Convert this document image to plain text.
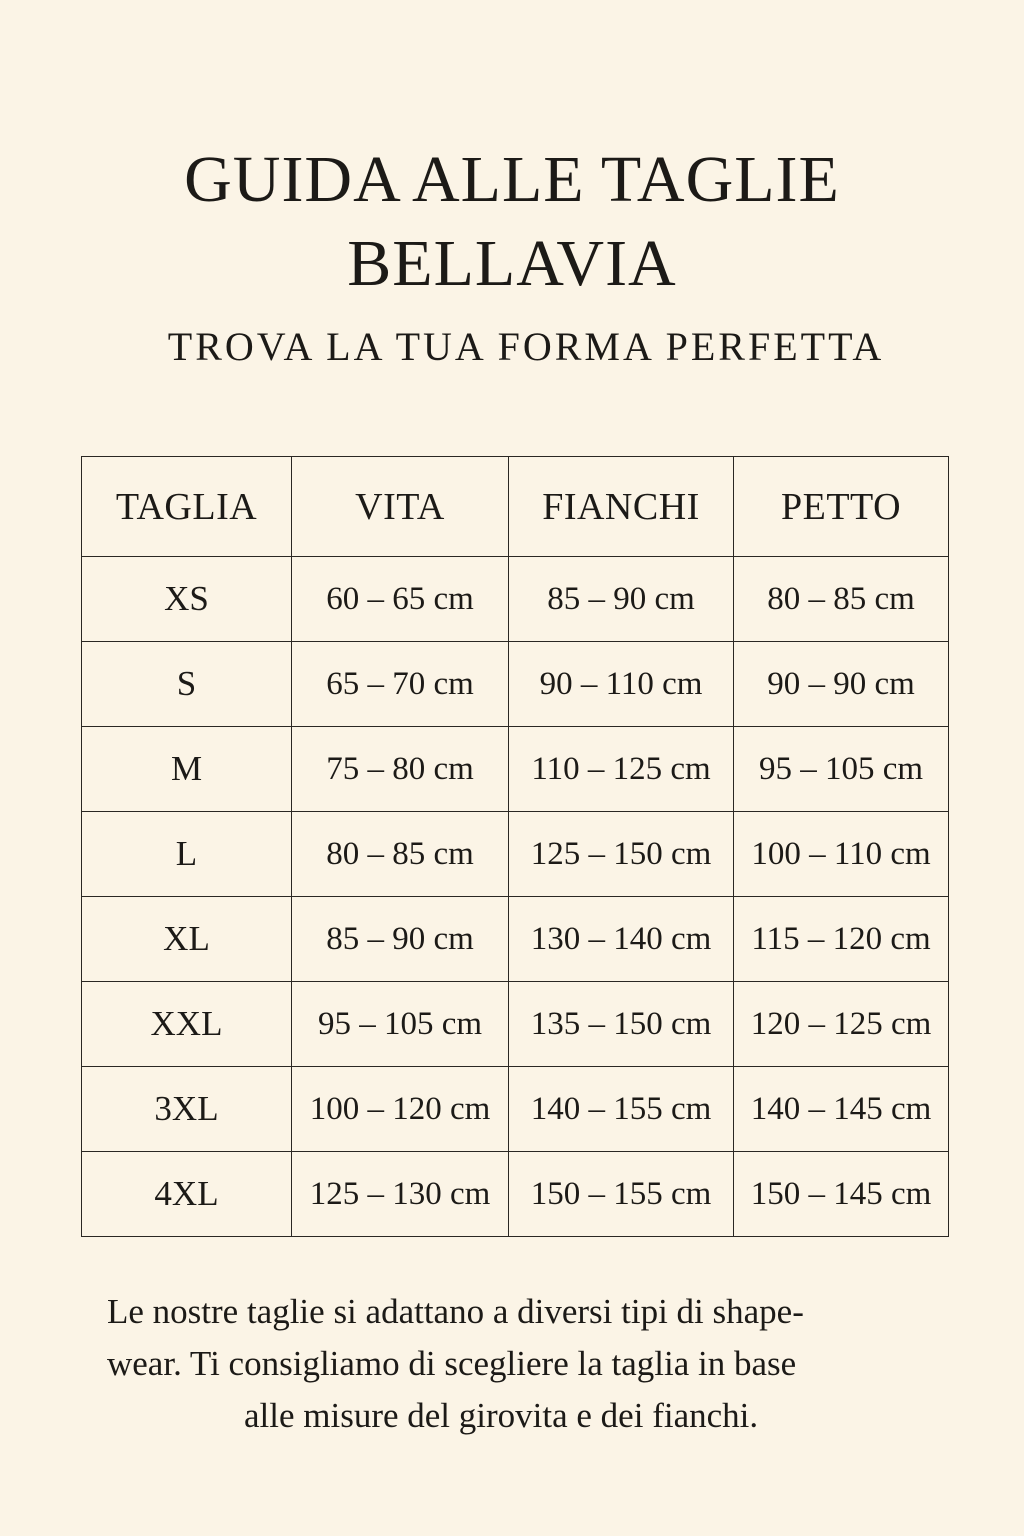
GUIDA ALLE TAGLIE
BELLAVIA
TROVA LA TUA FORMA PERFETTA
TAGLIA	VITA	FIANCHI	PETTO
XS	60 – 65 cm	85 – 90 cm	80 – 85 cm
S	65 – 70 cm	90 – 110 cm	90 – 90 cm
M	75 – 80 cm	110 – 125 cm	95 – 105 cm
L	80 – 85 cm	125 – 150 cm	100 – 110 cm
XL	85 – 90 cm	130 – 140 cm	115 – 120 cm
XXL	95 – 105 cm	135 – 150 cm	120 – 125 cm
3XL	100 – 120 cm	140 – 155 cm	140 – 145 cm
4XL	125 – 130 cm	150 – 155 cm	150 – 145 cm

Le nostre taglie si adattano a diversi tipi di shape-
wear. Ti consigliamo di scegliere la taglia in base
alle misure del girovita e dei fianchi.
